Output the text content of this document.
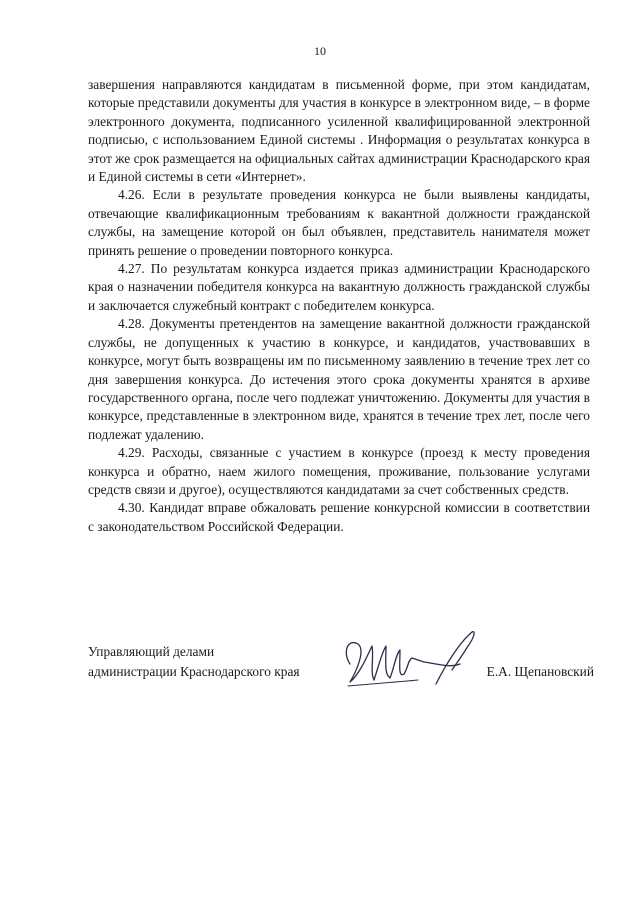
10

завершения направляются кандидатам в письменной форме, при этом кандидатам, которые представили документы для участия в конкурсе в электронном виде, – в форме электронного документа, подписанного усиленной квалифицированной электронной подписью, с использованием Единой системы . Информация о результатах конкурса в этот же срок размещается на официальных сайтах администрации Краснодарского края и Единой системы в сети «Интернет».

4.26. Если в результате проведения конкурса не были выявлены кандидаты, отвечающие квалификационным требованиям к вакантной должности гражданской службы, на замещение которой он был объявлен, представитель нанимателя может принять решение о проведении повторного конкурса.

4.27. По результатам конкурса издается приказ администрации Краснодарского края о назначении победителя конкурса на вакантную должность гражданской службы и заключается служебный контракт с победителем конкурса.

4.28. Документы претендентов на замещение вакантной должности гражданской службы, не допущенных к участию в конкурсе, и кандидатов, участвовавших в конкурсе, могут быть возвращены им по письменному заявлению в течение трех лет со дня завершения конкурса. До истечения этого срока документы хранятся в архиве государственного органа, после чего подлежат уничтожению. Документы для участия в конкурсе, представленные в электронном виде, хранятся в течение трех лет, после чего подлежат удалению.

4.29. Расходы, связанные с участием в конкурсе (проезд к месту проведения конкурса и обратно, наем жилого помещения, проживание, пользование услугами средств связи и другое), осуществляются кандидатами за счет собственных средств.

4.30. Кандидат вправе обжаловать решение конкурсной комиссии в соответствии с законодательством Российской Федерации.

Управляющий делами
администрации Краснодарского края	Е.А. Щепановский
